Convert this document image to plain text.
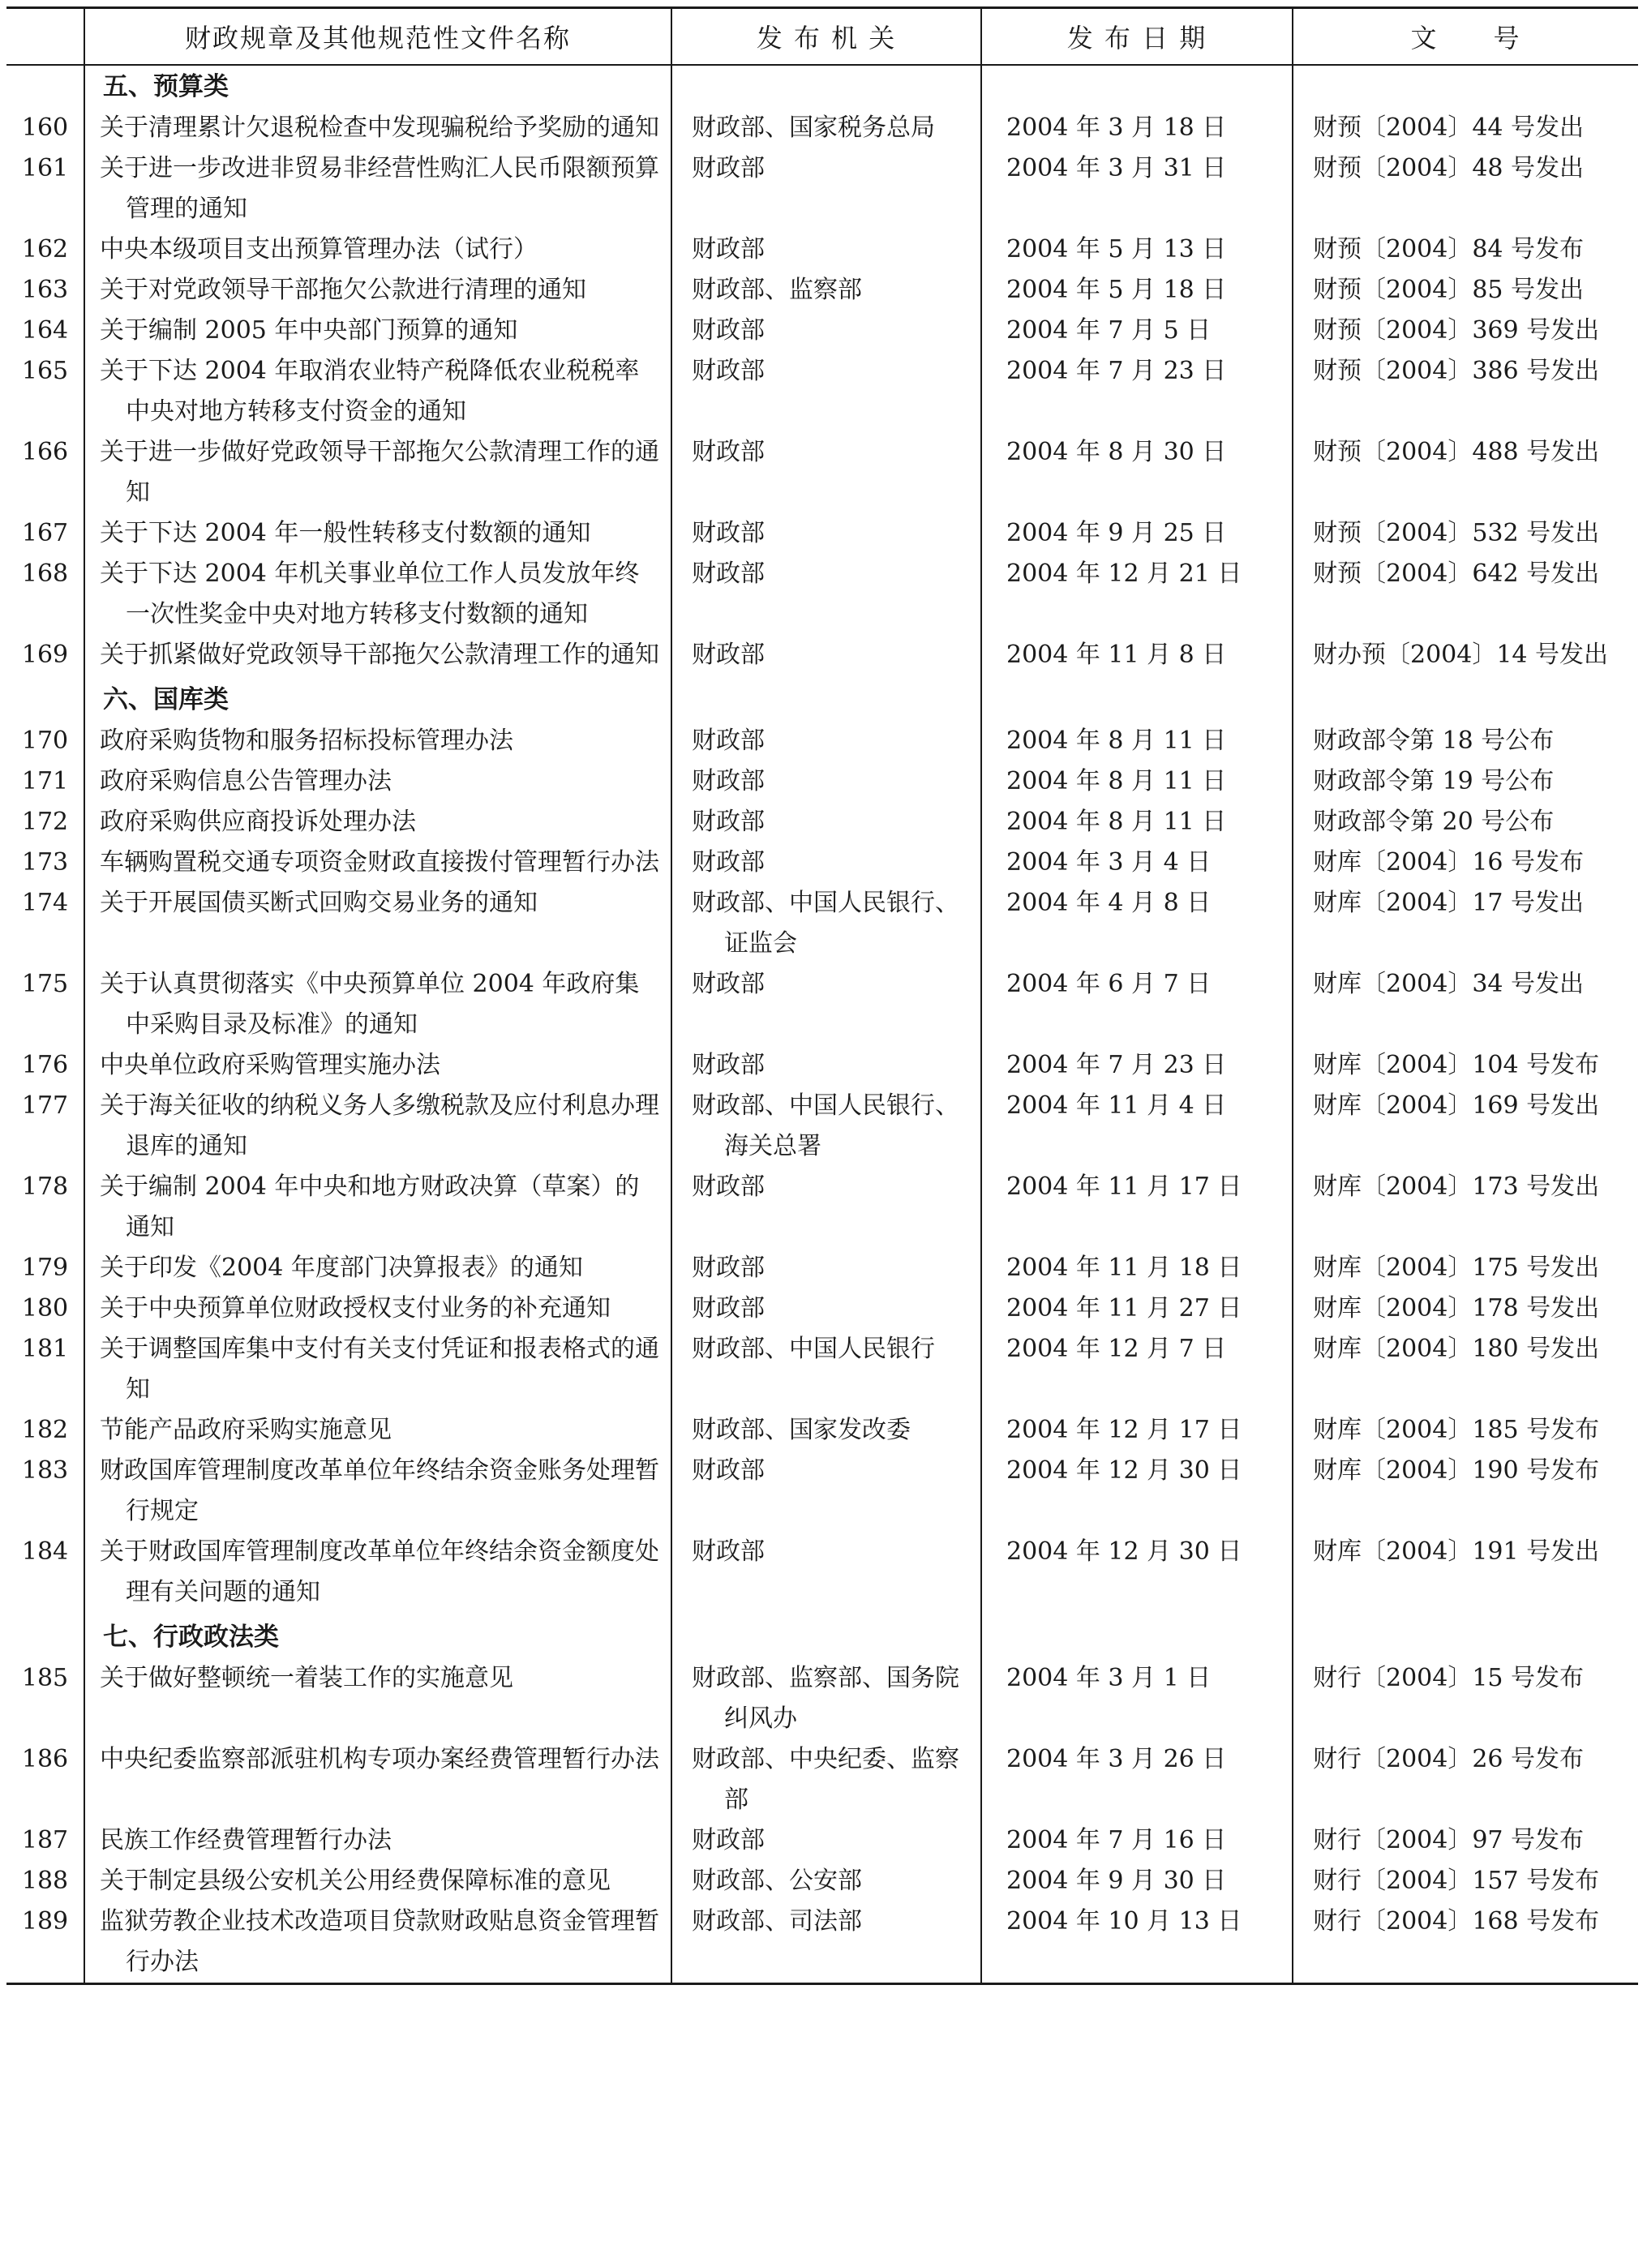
	财政规章及其他规范性文件名称	发 布 机 关	发 布 日 期	文　　号
	五、预算类			
160	关于清理累计欠退税检查中发现骗税给予奖励的通知	财政部、国家税务总局	2004 年 3 月 18 日	财预〔2004〕44 号发出
161	关于进一步改进非贸易非经营性购汇人民币限额预算管理的通知	财政部	2004 年 3 月 31 日	财预〔2004〕48 号发出
162	中央本级项目支出预算管理办法（试行）	财政部	2004 年 5 月 13 日	财预〔2004〕84 号发布
163	关于对党政领导干部拖欠公款进行清理的通知	财政部、监察部	2004 年 5 月 18 日	财预〔2004〕85 号发出
164	关于编制 2005 年中央部门预算的通知	财政部	2004 年 7 月 5 日	财预〔2004〕369 号发出
165	关于下达 2004 年取消农业特产税降低农业税税率中央对地方转移支付资金的通知	财政部	2004 年 7 月 23 日	财预〔2004〕386 号发出
166	关于进一步做好党政领导干部拖欠公款清理工作的通知	财政部	2004 年 8 月 30 日	财预〔2004〕488 号发出
167	关于下达 2004 年一般性转移支付数额的通知	财政部	2004 年 9 月 25 日	财预〔2004〕532 号发出
168	关于下达 2004 年机关事业单位工作人员发放年终一次性奖金中央对地方转移支付数额的通知	财政部	2004 年 12 月 21 日	财预〔2004〕642 号发出
169	关于抓紧做好党政领导干部拖欠公款清理工作的通知	财政部	2004 年 11 月 8 日	财办预〔2004〕14 号发出

	六、国库类			
170	政府采购货物和服务招标投标管理办法	财政部	2004 年 8 月 11 日	财政部令第 18 号公布
171	政府采购信息公告管理办法	财政部	2004 年 8 月 11 日	财政部令第 19 号公布
172	政府采购供应商投诉处理办法	财政部	2004 年 8 月 11 日	财政部令第 20 号公布
173	车辆购置税交通专项资金财政直接拨付管理暂行办法	财政部	2004 年 3 月 4 日	财库〔2004〕16 号发布
174	关于开展国债买断式回购交易业务的通知	财政部、中国人民银行、证监会	2004 年 4 月 8 日	财库〔2004〕17 号发出
175	关于认真贯彻落实《中央预算单位 2004 年政府集中采购目录及标准》的通知	财政部	2004 年 6 月 7 日	财库〔2004〕34 号发出
176	中央单位政府采购管理实施办法	财政部	2004 年 7 月 23 日	财库〔2004〕104 号发布
177	关于海关征收的纳税义务人多缴税款及应付利息办理退库的通知	财政部、中国人民银行、海关总署	2004 年 11 月 4 日	财库〔2004〕169 号发出
178	关于编制 2004 年中央和地方财政决算（草案）的通知	财政部	2004 年 11 月 17 日	财库〔2004〕173 号发出
179	关于印发《2004 年度部门决算报表》的通知	财政部	2004 年 11 月 18 日	财库〔2004〕175 号发出
180	关于中央预算单位财政授权支付业务的补充通知	财政部	2004 年 11 月 27 日	财库〔2004〕178 号发出
181	关于调整国库集中支付有关支付凭证和报表格式的通知	财政部、中国人民银行	2004 年 12 月 7 日	财库〔2004〕180 号发出
182	节能产品政府采购实施意见	财政部、国家发改委	2004 年 12 月 17 日	财库〔2004〕185 号发布
183	财政国库管理制度改革单位年终结余资金账务处理暂行规定	财政部	2004 年 12 月 30 日	财库〔2004〕190 号发布
184	关于财政国库管理制度改革单位年终结余资金额度处理有关问题的通知	财政部	2004 年 12 月 30 日	财库〔2004〕191 号发出

	七、行政政法类			
185	关于做好整顿统一着装工作的实施意见	财政部、监察部、国务院纠风办	2004 年 3 月 1 日	财行〔2004〕15 号发布
186	中央纪委监察部派驻机构专项办案经费管理暂行办法	财政部、中央纪委、监察部	2004 年 3 月 26 日	财行〔2004〕26 号发布
187	民族工作经费管理暂行办法	财政部	2004 年 7 月 16 日	财行〔2004〕97 号发布
188	关于制定县级公安机关公用经费保障标准的意见	财政部、公安部	2004 年 9 月 30 日	财行〔2004〕157 号发布
189	监狱劳教企业技术改造项目贷款财政贴息资金管理暂行办法	财政部、司法部	2004 年 10 月 13 日	财行〔2004〕168 号发布
